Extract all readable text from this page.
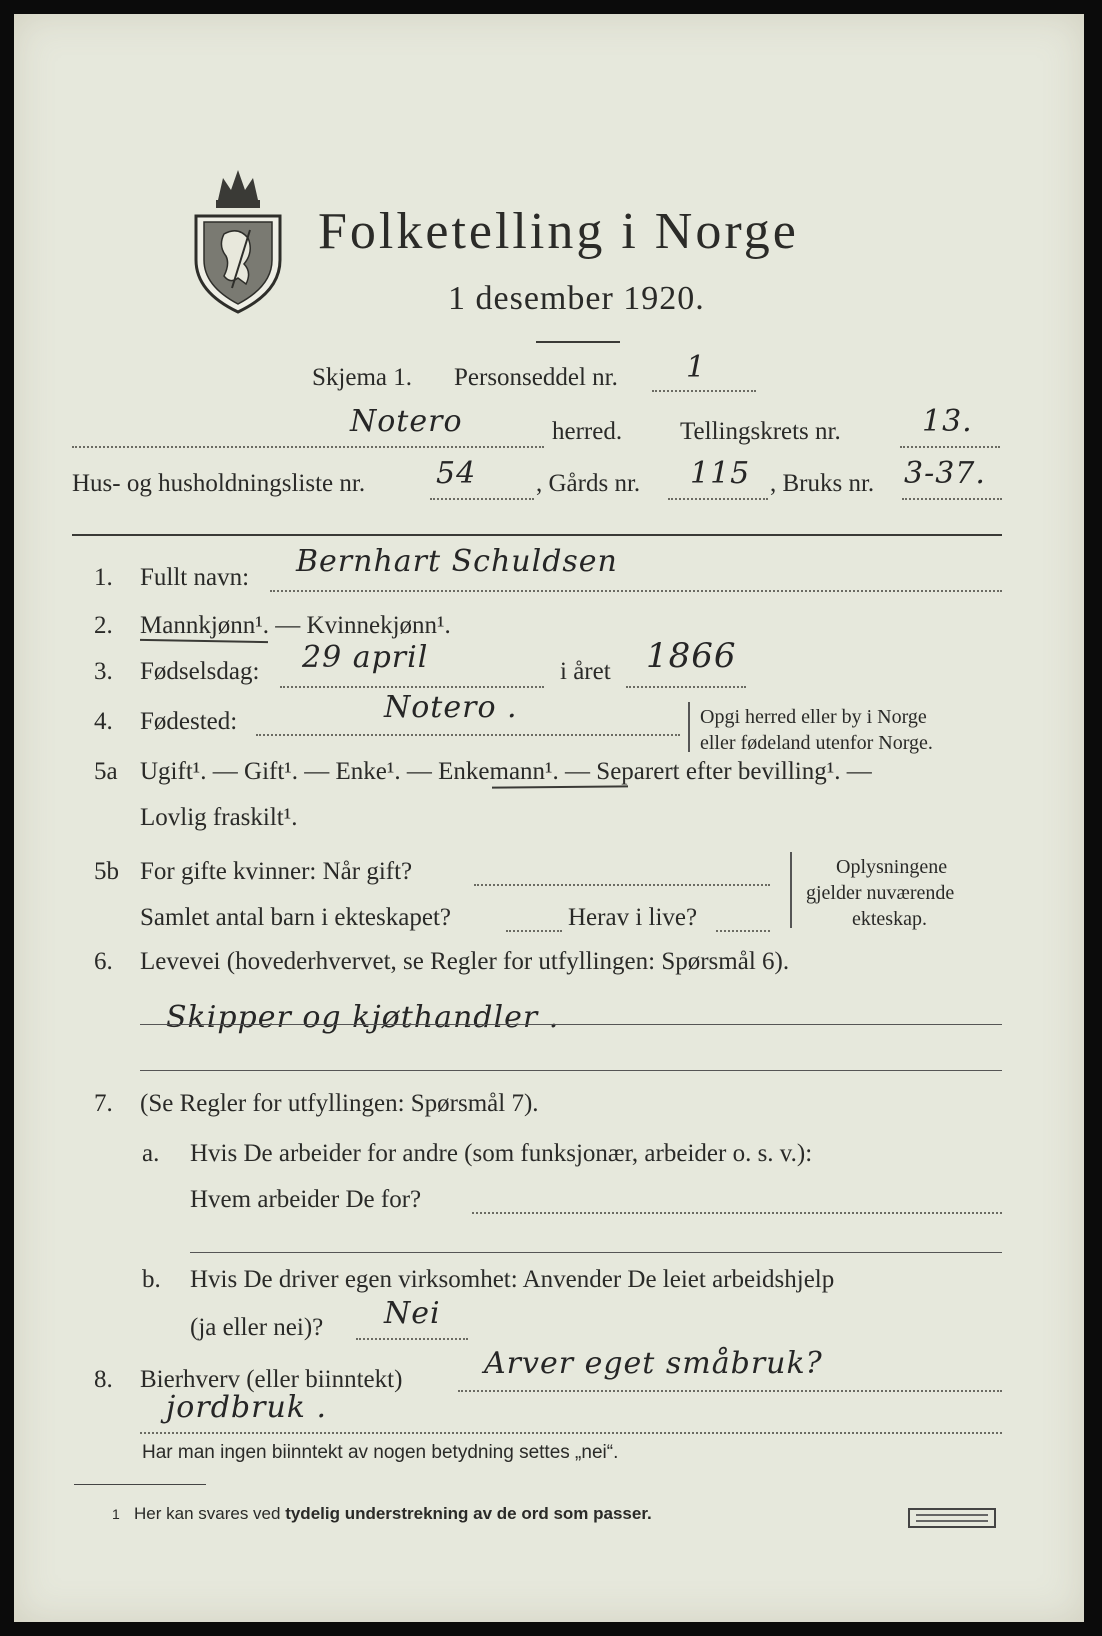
Folketelling i Norge
1 desember 1920.
Skjema 1. Personseddel nr. 1
Notero	herred. Tellingskrets nr.	13.
Hus- og husholdningsliste nr. 54 , Gårds nr. 115 , Bruks nr. 3-37.
1. Fullt navn: Bernhart Schuldsen
2. Mannkjønn¹. — Kvinnekjønn¹.
3. Fødselsdag: 29 april	i året 1866
4. Fødested:	Notero .	Opgi herred eller by i Norge
eller fødeland utenfor Norge.
5a Ugift¹. — Gift¹. — Enke¹. — Enkemann¹. — Separert efter bevilling¹. —
Lovlig fraskilt¹.
5b For gifte kvinner: Når gift?
Samlet antal barn i ekteskapet?	Herav i live?
Oplysningene
gjelder nuværende
ekteskap.
6. Levevei (hovederhvervet, se Regler for utfyllingen: Spørsmål 6).
Skipper og kjøthandler .
7. (Se Regler for utfyllingen: Spørsmål 7).
a. Hvis De arbeider for andre (som funksjonær, arbeider o. s. v.):
Hvem arbeider De for?
b. Hvis De driver egen virksomhet: Anvender De leiet arbeidshjelp
(ja eller nei)? Nei
8. Bierhverv (eller biinntekt)	Arver eget småbruk?
jordbruk .
Har man ingen biinntekt av nogen betydning settes „nei“.
1 Her kan svares ved tydelig understrekning av de ord som passer.
